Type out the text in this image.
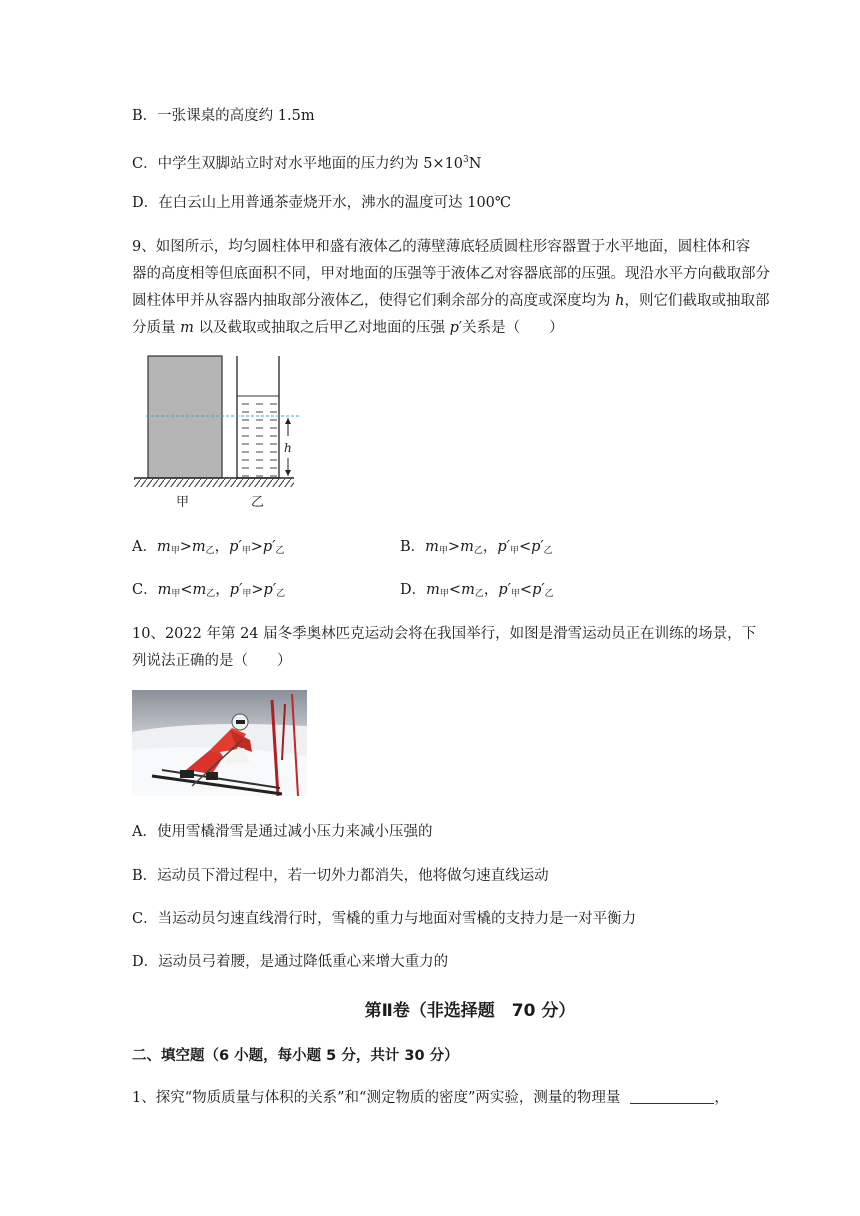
B．一张课桌的高度约 1.5m
C．中学生双脚站立时对水平地面的压力约为 $5\times 10^3N$
D．在白云山上用普通茶壶烧开水，沸水的温度可达 100℃
9、如图所示，均匀圆柱体甲和盛有液体乙的薄壁薄底轻质圆柱形容器置于水平地面，圆柱体和容
器的高度相等但底面积不同，甲对地面的压强等于液体乙对容器底部的压强。现沿水平方向截取部分
圆柱体甲并从容器内抽取部分液体乙，使得它们剩余部分的高度或深度均为 h，则它们截取或抽取部
分质量 m 以及截取或抽取之后甲乙对地面的压强 p′关系是（　　）
h
甲	乙
A．$m_甲>m_乙$，$p'_甲>p'_乙$	B．$m_甲>m_乙$，$p'_甲<p'_乙$
C．$m_甲<m_乙$，$p'_甲>p'_乙$	D．$m_甲<m_乙$，$p'_甲<p'_乙$
10、2022 年第 24 届冬季奥林匹克运动会将在我国举行，如图是滑雪运动员正在训练的场景，下
列说法正确的是（　　）
A．使用雪橇滑雪是通过减小压力来减小压强的
B．运动员下滑过程中，若一切外力都消失，他将做匀速直线运动
C．当运动员匀速直线滑行时，雪橇的重力与地面对雪橇的支持力是一对平衡力
D．运动员弓着腰，是通过降低重心来增大重力的
第Ⅱ卷（非选择题　70 分）
二、填空题（6 小题，每小题 5 分，共计 30 分）
1、探究“物质质量与体积的关系”和“测定物质的密度”两实验，测量的物理量	，
